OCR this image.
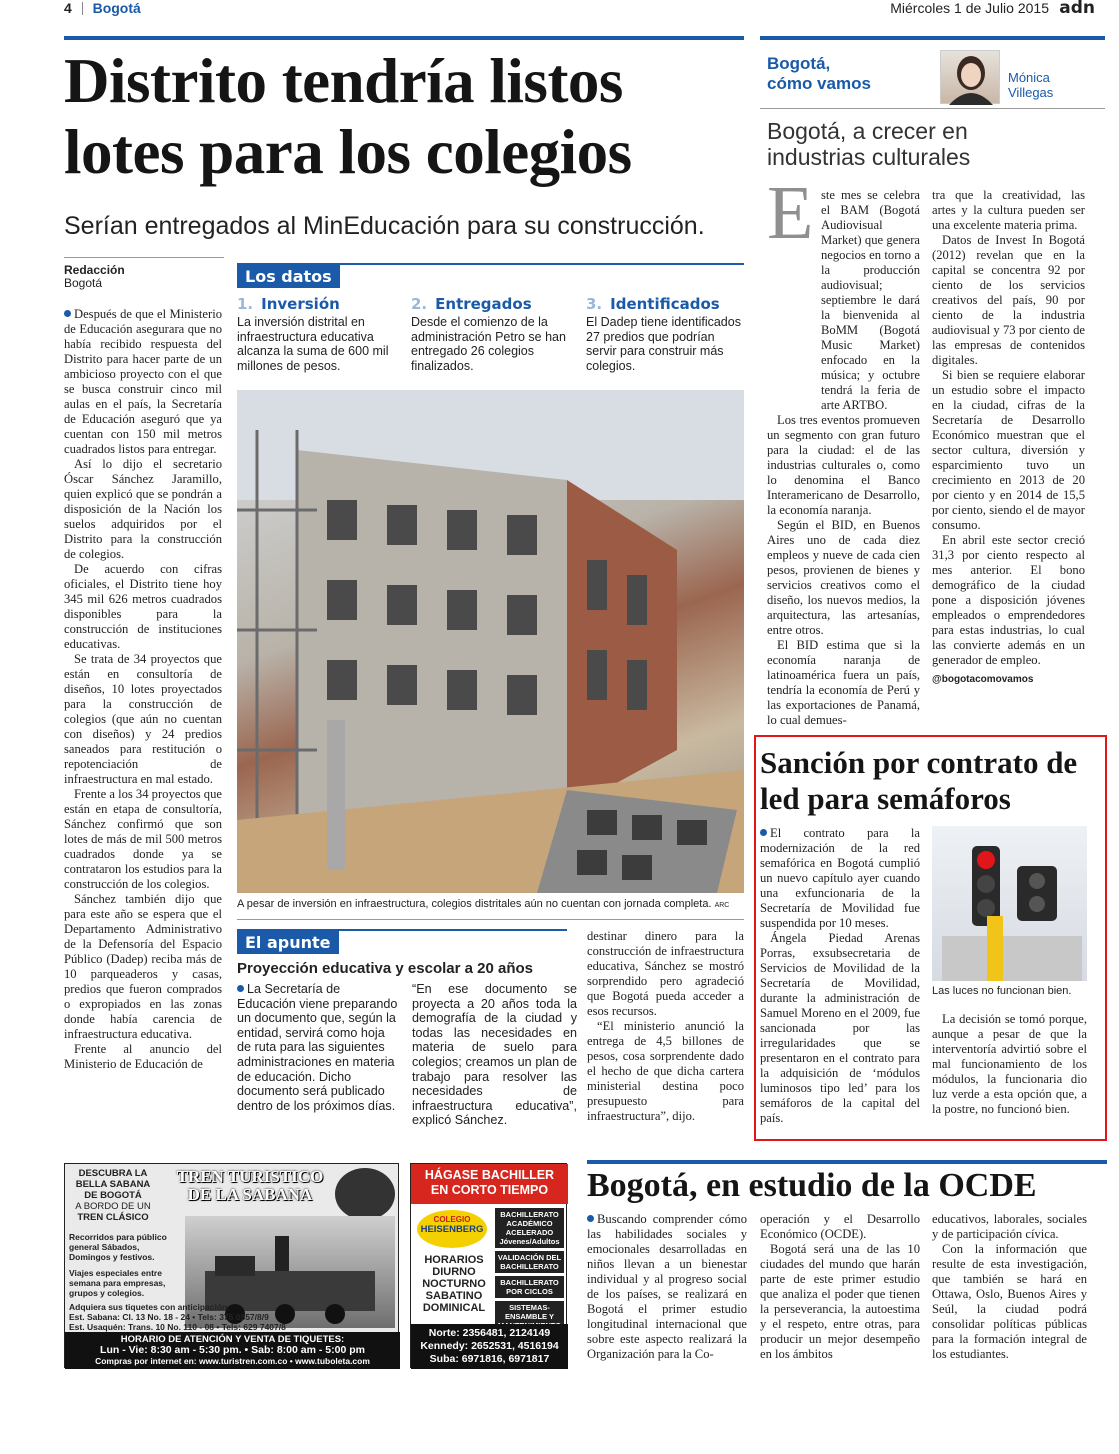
4 Bogotá	Miércoles 1 de Julio 2015 adn
Distrito tendría listos lotes para los colegios
Serían entregados al MinEducación para su construcción.
Redacción
Bogotá

Después de que el Ministerio de Educación asegurara que no había recibido respuesta del Distrito para hacer parte de un ambicioso proyecto con el que se busca construir cinco mil aulas en el país, la Secretaría de Educación aseguró que ya cuentan con 150 mil metros cuadrados listos para entregar.

Así lo dijo el secretario Óscar Sánchez Jaramillo, quien explicó que se pondrán a disposición de la Nación los suelos adquiridos por el Distrito para la construcción de colegios.

De acuerdo con cifras oficiales, el Distrito tiene hoy 345 mil 626 metros cuadrados disponibles para la construcción de instituciones educativas.

Se trata de 34 proyectos que están en consultoría de diseños, 10 lotes proyectados para la construcción de colegios (que aún no cuentan con diseños) y 24 predios saneados para restitución o repotenciación de infraestructura en mal estado.

Frente a los 34 proyectos que están en etapa de consultoría, Sánchez confirmó que son lotes de más de mil 500 metros cuadrados donde ya se contrataron los estudios para la construcción de los colegios.

Sánchez también dijo que para este año se espera que el Departamento Administrativo de la Defensoría del Espacio Público (Dadep) reciba más de 10 parqueaderos y casas, predios que fueron comprados o expropiados en las zonas donde había carencia de infraestructura educativa.

Frente al anuncio del Ministerio de Educación de

Los datos
1. Inversión
La inversión distrital en infraestructura educativa alcanza la suma de 600 mil millones de pesos.
2. Entregados
Desde el comienzo de la administración Petro se han entregado 26 colegios finalizados.
3. Identificados
El Dadep tiene identificados 27 predios que podrían servir para construir más colegios.
A pesar de inversión en infraestructura, colegios distritales aún no cuentan con jornada completa. ARC
El apunte
Proyección educativa y escolar a 20 años
La Secretaría de Educación viene preparando un documento que, según la entidad, servirá como hoja de ruta para las siguientes administraciones en materia de educación. Dicho documento será publicado dentro de los próximos días.
“En ese documento se proyecta a 20 años toda la demografía de la ciudad y todas las necesidades en materia de suelo para colegios; creamos un plan de trabajo para resolver las necesidades de infraestructura educativa”, explicó Sánchez.

destinar dinero para la construcción de infraestructura educativa, Sánchez se mostró sorprendido pero agradeció que Bogotá pueda acceder a esos recursos.

“El ministerio anunció la entrega de 4,5 billones de pesos, cosa sorprendente dado el hecho de que dicha cartera ministerial destina poco presupuesto para infraestructura”, dijo.

Bogotá,
cómo vamos	Mónica
Villegas
Bogotá, a crecer en industrias culturales
E ste mes se celebra el BAM (Bogotá Audiovisual Market) que genera negocios en torno a la producción audiovisual; septiembre le dará la bienvenida al BoMM (Bogotá Music Market) enfocado en la música; y octubre tendrá la feria de arte ARTBO.

Los tres eventos promueven un segmento con gran futuro para la ciudad: el de las industrias culturales o, como lo denomina el Banco Interamericano de Desarrollo, la economía naranja.

Según el BID, en Buenos Aires uno de cada diez empleos y nueve de cada cien pesos, provienen de bienes y servicios creativos como el diseño, los nuevos medios, la arquitectura, las artesanías, entre otros.

El BID estima que si la economía naranja de latinoamérica fuera un país, tendría la economía de Perú y las exportaciones de Panamá, lo cual demues-

tra que la creatividad, las artes y la cultura pueden ser una excelente materia prima.

Datos de Invest In Bogotá (2012) revelan que en la capital se concentra 92 por ciento de los servicios creativos del país, 90 por ciento de la industria audiovisual y 73 por ciento de las empresas de contenidos digitales.

Si bien se requiere elaborar un estudio sobre el impacto en la ciudad, cifras de la Secretaría de Desarrollo Económico muestran que el sector cultura, diversión y esparcimiento tuvo un crecimiento en 2013 de 20 por ciento y en 2014 de 15,5 por ciento, siendo el de mayor consumo.

En abril este sector creció 31,3 por ciento respecto al mes anterior. El bono demográfico de la ciudad pone a disposición jóvenes empleados o emprendedores para estas industrias, lo cual las convierte además en un generador de empleo.

@bogotacomovamos
Sanción por contrato de led para semáforos

El contrato para la modernización de la red semafórica en Bogotá cumplió un nuevo capítulo ayer cuando una exfuncionaria de la Secretaría de Movilidad fue suspendida por 10 meses.

Ángela Piedad Arenas Porras, exsubsecretaria de Servicios de Movilidad de la Secretaría de Movilidad, durante la administración de Samuel Moreno en el 2009, fue sancionada por las irregularidades que se presentaron en el contrato para la adquisición de ‘módulos luminosos tipo led’ para los semáforos de la capital del país.

Las luces no funcionan bien.

La decisión se tomó porque, aunque a pesar de que la interventoría advirtió sobre el mal funcionamiento de los módulos, la funcionaria dio luz verde a esta opción que, a la postre, no funcionó bien.

DESCUBRA LA
BELLA SABANA
DE BOGOTÁ
A BORDO DE UN
TREN CLÁSICO
TREN TURISTICO
DE LA SABANA
Recorridos para público general Sábados, Domingos y festivos.
Viajes especiales entre semana para empresas, grupos y colegios.
Adquiera sus tiquetes con anticipación.
Est. Sabana: Cl. 13 No. 18 - 24 • Tels: 375 0557/8/9
Est. Usaquén: Trans. 10 No. 110 - 08 • Tels: 629 7407/8
HORARIO DE ATENCIÓN Y VENTA DE TIQUETES:
Lun - Vie: 8:30 am - 5:30 pm. • Sab: 8:00 am - 5:00 pm
Compras por internet en: www.turistren.com.co • www.tuboleta.com
HÁGASE BACHILLER EN CORTO TIEMPO
COLEGIO
HEISENBERG
HORARIOS
DIURNO
NOCTURNO
SABATINO
DOMINICAL
BACHILLERATO ACADÉMICO ACELERADO Jóvenes/Adultos
VALIDACIÓN DEL BACHILLERATO
BACHILLERATO POR CICLOS
SISTEMAS-ENSAMBLE Y
Norte: 2356481, 2124149
Kennedy: 2652531, 4516194
Suba: 6971816, 6971817
Bogotá, en estudio de la OCDE

Buscando comprender cómo las habilidades sociales y emocionales desarrolladas en niños llevan a un bienestar individual y al progreso social de los países, se realizará en Bogotá el primer estudio longitudinal internacional que sobre este aspecto realizará la Organización para la Co-

operación y el Desarrollo Económico (OCDE).

Bogotá será una de las 10 ciudades del mundo que harán parte de este primer estudio que analiza el poder que tienen la perseverancia, la autoestima y el respeto, entre otras, para producir un mejor desempeño en los ámbitos

educativos, laborales, sociales y de participación cívica.

Con la información que resulte de esta investigación, que también se hará en Ottawa, Oslo, Buenos Aires y Seúl, la ciudad podrá consolidar políticas públicas para la formación integral de los estudiantes.
